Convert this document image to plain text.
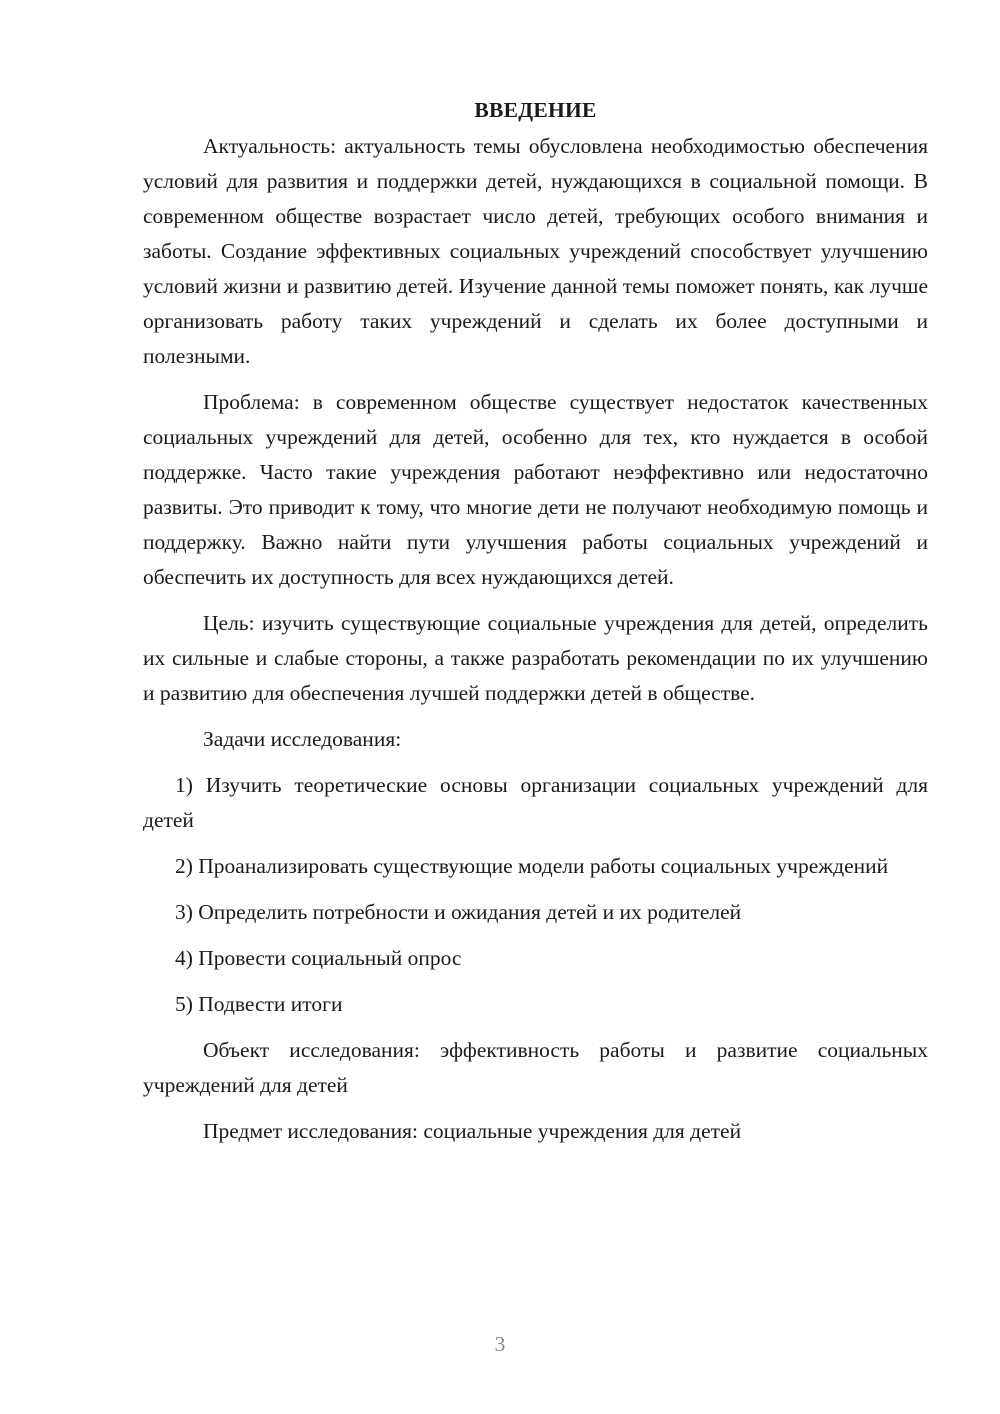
ВВЕДЕНИЕ

Актуальность: актуальность темы обусловлена необходимостью обеспечения условий для развития и поддержки детей, нуждающихся в социальной помощи. В современном обществе возрастает число детей, требующих особого внимания и заботы. Создание эффективных социальных учреждений способствует улучшению условий жизни и развитию детей. Изучение данной темы поможет понять, как лучше организовать работу таких учреждений и сделать их более доступными и полезными.

Проблема: в современном обществе существует недостаток качественных социальных учреждений для детей, особенно для тех, кто нуждается в особой поддержке. Часто такие учреждения работают неэффективно или недостаточно развиты. Это приводит к тому, что многие дети не получают необходимую помощь и поддержку. Важно найти пути улучшения работы социальных учреждений и обеспечить их доступность для всех нуждающихся детей.

Цель: изучить существующие социальные учреждения для детей, определить их сильные и слабые стороны, а также разработать рекомендации по их улучшению и развитию для обеспечения лучшей поддержки детей в обществе.

Задачи исследования:

1) Изучить теоретические основы организации социальных учреждений для детей

2) Проанализировать существующие модели работы социальных учреждений

3) Определить потребности и ожидания детей и их родителей

4) Провести социальный опрос

5) Подвести итоги

Объект исследования: эффективность работы и развитие социальных учреждений для детей

Предмет исследования: социальные учреждения для детей

3
